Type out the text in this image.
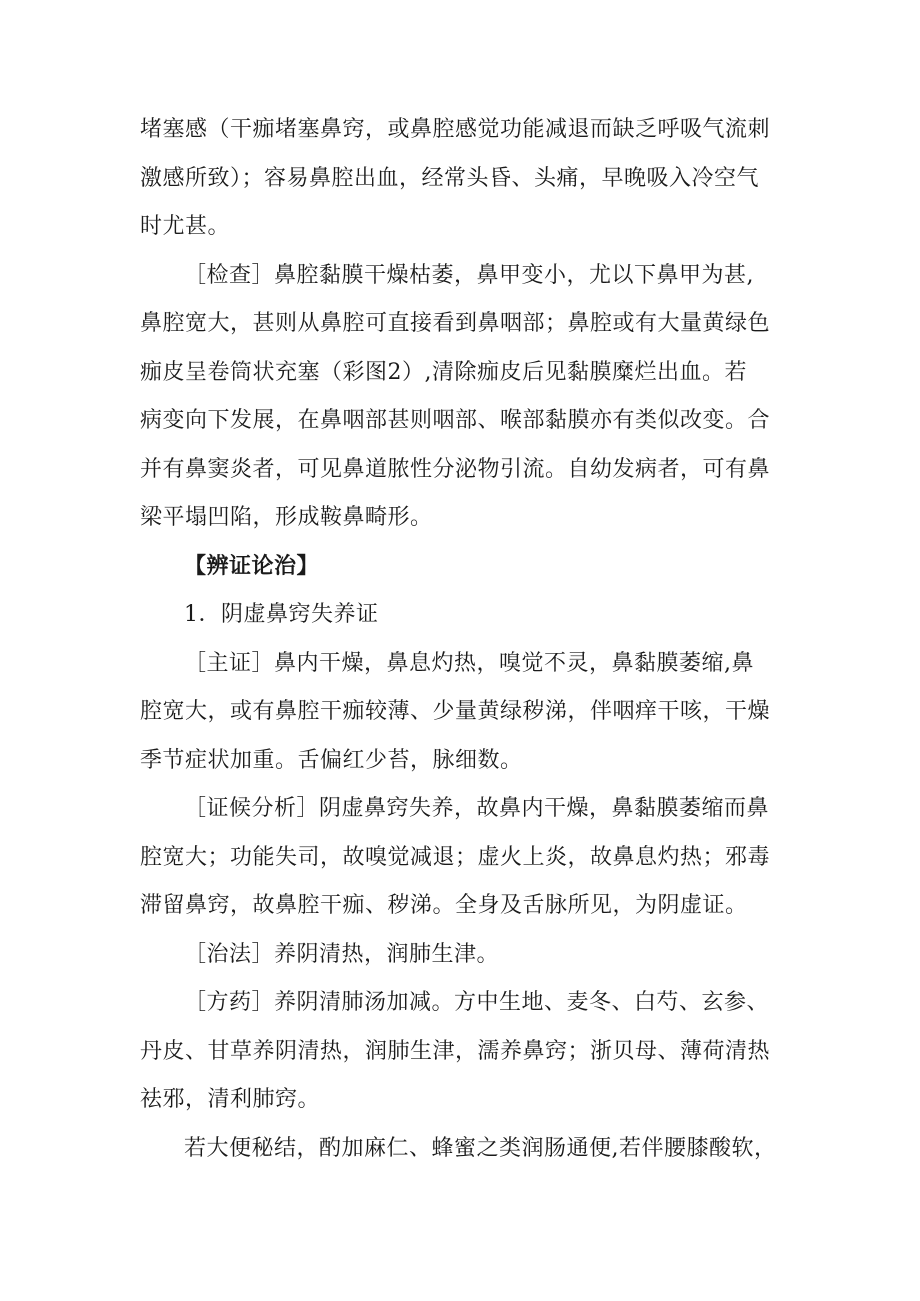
堵塞感（干痂堵塞鼻窍，或鼻腔感觉功能减退而缺乏呼吸气流刺
激感所致）；容易鼻腔出血，经常头昏、头痛，早晚吸入冷空气
时尤甚。
［检查］鼻腔黏膜干燥枯萎，鼻甲变小，尤以下鼻甲为甚,
鼻腔宽大，甚则从鼻腔可直接看到鼻咽部；鼻腔或有大量黄绿色
痂皮呈卷筒状充塞（彩图2）,清除痂皮后见黏膜糜烂出血。若
病变向下发展，在鼻咽部甚则咽部、喉部黏膜亦有类似改变。合
并有鼻窦炎者，可见鼻道脓性分泌物引流。自幼发病者，可有鼻
梁平塌凹陷，形成鞍鼻畸形。
【辨证论治】
1．阴虚鼻窍失养证
［主证］鼻内干燥，鼻息灼热，嗅觉不灵，鼻黏膜萎缩,鼻
腔宽大，或有鼻腔干痂较薄、少量黄绿秽涕，伴咽痒干咳，干燥
季节症状加重。舌偏红少苔，脉细数。
［证候分析］阴虚鼻窍失养，故鼻内干燥，鼻黏膜萎缩而鼻
腔宽大；功能失司，故嗅觉减退；虚火上炎，故鼻息灼热；邪毒
滞留鼻窍，故鼻腔干痂、秽涕。全身及舌脉所见，为阴虚证。
［治法］养阴清热，润肺生津。
［方药］养阴清肺汤加减。方中生地、麦冬、白芍、玄参、
丹皮、甘草养阴清热，润肺生津，濡养鼻窍；浙贝母、薄荷清热
祛邪，清利肺窍。
若大便秘结，酌加麻仁、蜂蜜之类润肠通便,若伴腰膝酸软，
